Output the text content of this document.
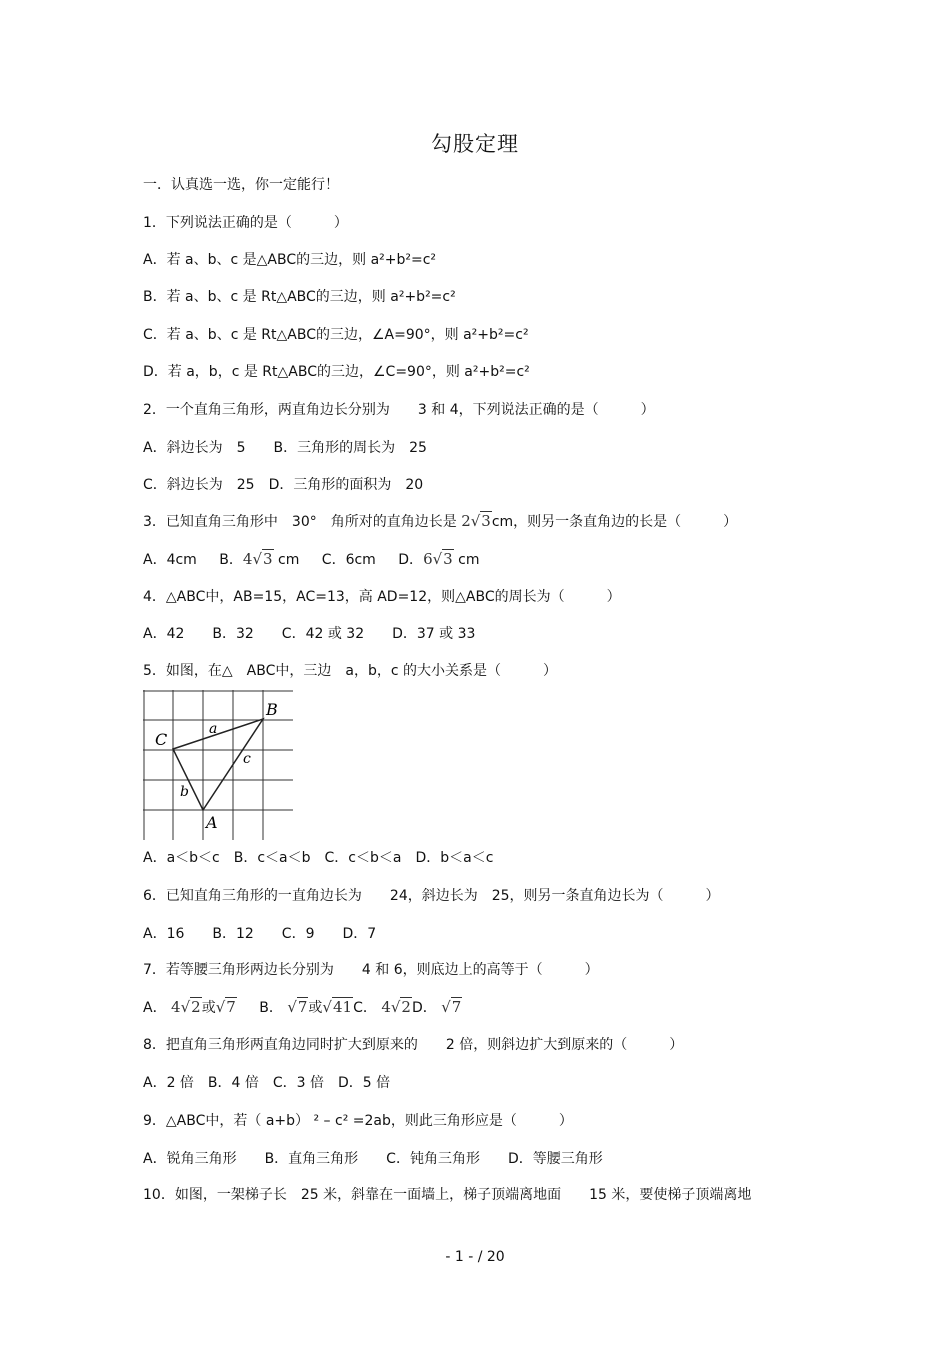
勾股定理
一．认真选一选，你一定能行！
1．下列说法正确的是（　　　）
A．若 a、b、c 是△ABC的三边，则 a²+b²=c²
B．若 a、b、c 是 Rt△ABC的三边，则 a²+b²=c²
C．若 a、b、c 是 Rt△ABC的三边，∠A=90°，则 a²+b²=c²
D．若 a，b，c 是 Rt△ABC的三边，∠C=90°，则 a²+b²=c²
2．一个直角三角形，两直角边长分别为　　3 和 4，下列说法正确的是（　　　）
A．斜边长为　5　　B．三角形的周长为　25
C．斜边长为　25　D．三角形的面积为　20
3．已知直角三角形中　30°　角所对的直角边长是 2√3cm，则另一条直角边的长是（　　　）
A．4cm B．4√3 cm C．6cm D．6√3 cm
4．△ABC中，AB=15，AC=13，高 AD=12，则△ABC的周长为（　　　）
A．42　　B．32　　C．42 或 32　　D．37 或 33
5．如图，在△　ABC中，三边　a，b，c 的大小关系是（　　　）
C
B
A
a
b
c
A．a＜b＜c　B．c＜a＜b　C．c＜b＜a　D．b＜a＜c
6．已知直角三角形的一直角边长为　　24，斜边长为　25，则另一条直角边长为（　　　）
A．16　　B．12　　C．9　　D．7
7．若等腰三角形两边长分别为　　4 和 6，则底边上的高等于（　　　）
A． 4√2或√7 B． √7或√41C． 4√2D． √7
8．把直角三角形两直角边同时扩大到原来的　　2 倍，则斜边扩大到原来的（　　　）
A．2 倍　B．4 倍　C．3 倍　D．5 倍
9．△ABC中，若（ a+b） ² – c² =2ab，则此三角形应是（　　　）
A．锐角三角形　　B．直角三角形　　C．钝角三角形　　D．等腰三角形
10．如图，一架梯子长　25 米，斜靠在一面墙上，梯子顶端离地面　　15 米，要使梯子顶端离地
- 1 - / 20
